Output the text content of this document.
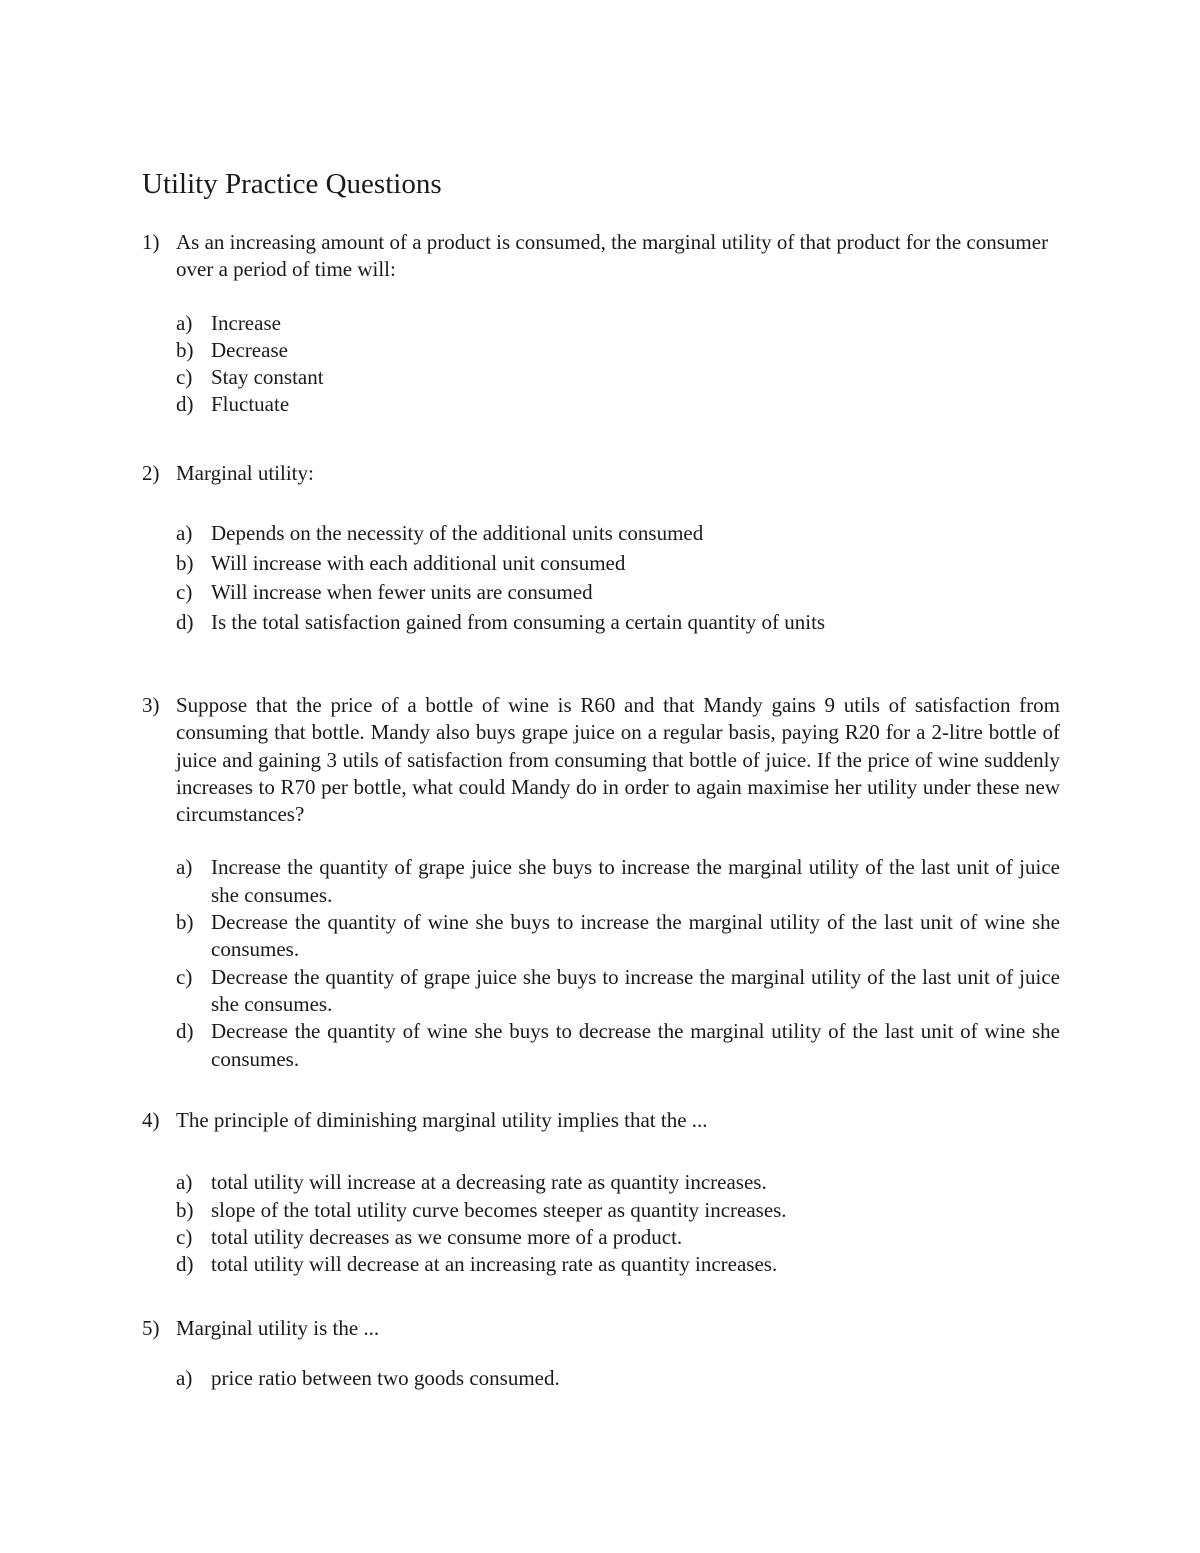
Utility Practice Questions
1) As an increasing amount of a product is consumed, the marginal utility of that product for the consumer over a period of time will:
a) Increase
b) Decrease
c) Stay constant
d) Fluctuate
2) Marginal utility:
a) Depends on the necessity of the additional units consumed
b) Will increase with each additional unit consumed
c) Will increase when fewer units are consumed
d) Is the total satisfaction gained from consuming a certain quantity of units
3) Suppose that the price of a bottle of wine is R60 and that Mandy gains 9 utils of satisfaction from consuming that bottle. Mandy also buys grape juice on a regular basis, paying R20 for a 2-litre bottle of juice and gaining 3 utils of satisfaction from consuming that bottle of juice. If the price of wine suddenly increases to R70 per bottle, what could Mandy do in order to again maximise her utility under these new circumstances?
a) Increase the quantity of grape juice she buys to increase the marginal utility of the last unit of juice she consumes.
b) Decrease the quantity of wine she buys to increase the marginal utility of the last unit of wine she consumes.
c) Decrease the quantity of grape juice she buys to increase the marginal utility of the last unit of juice she consumes.
d) Decrease the quantity of wine she buys to decrease the marginal utility of the last unit of wine she consumes.
4) The principle of diminishing marginal utility implies that the ...
a) total utility will increase at a decreasing rate as quantity increases.
b) slope of the total utility curve becomes steeper as quantity increases.
c) total utility decreases as we consume more of a product.
d) total utility will decrease at an increasing rate as quantity increases.
5) Marginal utility is the ...
a) price ratio between two goods consumed.
